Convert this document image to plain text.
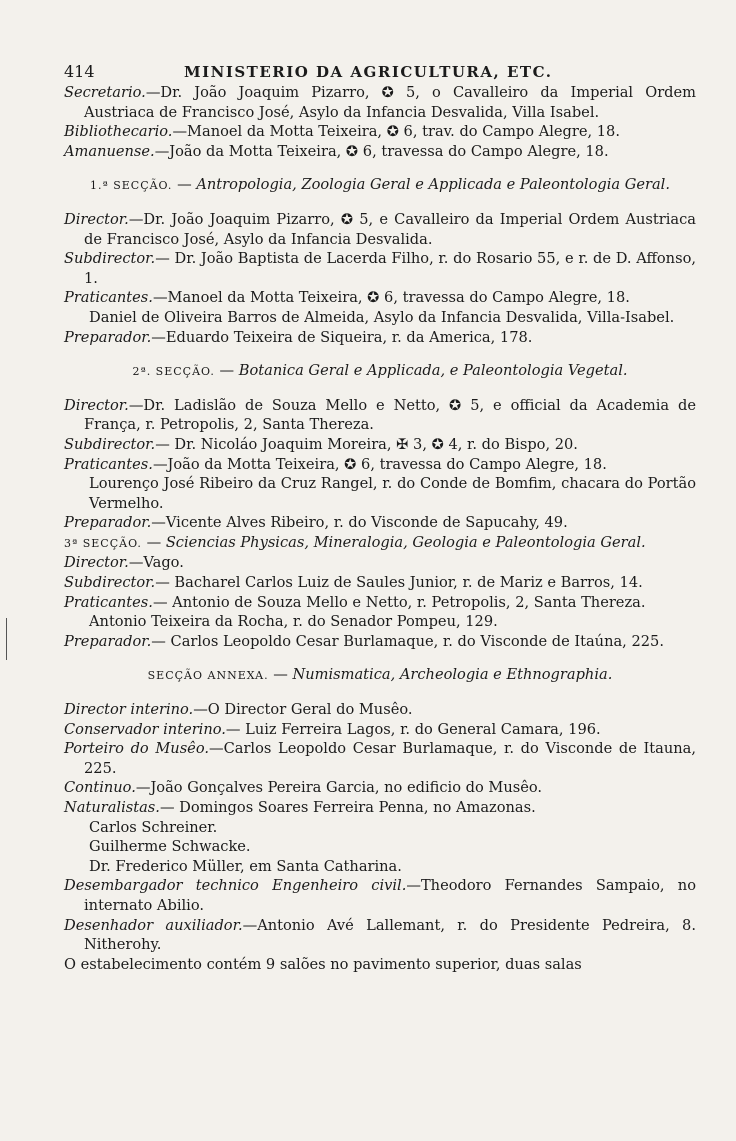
414	MINISTERIO DA AGRICULTURA, ETC.

Secretario.—Dr. João Joaquim Pizarro, ✪ 5, o Cavalleiro da Imperial Ordem Austriaca de Francisco José, Asylo da Infancia Desvalida, Villa Isabel.

Bibliothecario.—Manoel da Motta Teixeira, ✪ 6, trav. do Campo Alegre, 18.

Amanuense.—João da Motta Teixeira, ✪ 6, travessa do Campo Alegre, 18.

1.ª SECÇÃO. — Antropologia, Zoologia Geral e Applicada e Paleontologia Geral.

Director.—Dr. João Joaquim Pizarro, ✪ 5, e Cavalleiro da Imperial Ordem Austriaca de Francisco José, Asylo da Infancia Desvalida.

Subdirector.— Dr. João Baptista de Lacerda Filho, r. do Rosario 55, e r. de D. Affonso, 1.

Praticantes.—Manoel da Motta Teixeira, ✪ 6, travessa do Campo Alegre, 18.

Daniel de Oliveira Barros de Almeida, Asylo da Infancia Desvalida, Villa-Isabel.

Preparador.—Eduardo Teixeira de Siqueira, r. da America, 178.

2ª. SECÇÃO. — Botanica Geral e Applicada, e Paleontologia Vegetal.

Director.—Dr. Ladislão de Souza Mello e Netto, ✪ 5, e official da Academia de França, r. Petropolis, 2, Santa Thereza.

Subdirector.— Dr. Nicoláo Joaquim Moreira, ✠ 3, ✪ 4, r. do Bispo, 20.

Praticantes.—João da Motta Teixeira, ✪ 6, travessa do Campo Alegre, 18.

Lourenço José Ribeiro da Cruz Rangel, r. do Conde de Bomfim, chacara do Portão Vermelho.

Preparador.—Vicente Alves Ribeiro, r. do Visconde de Sapucahy, 49.

3ª SECÇÃO. — Sciencias Physicas, Mineralogia, Geologia e Paleontologia Geral.

Director.—Vago.

Subdirector.— Bacharel Carlos Luiz de Saules Junior, r. de Mariz e Barros, 14.

Praticantes.— Antonio de Souza Mello e Netto, r. Petropolis, 2, Santa Thereza.

Antonio Teixeira da Rocha, r. do Senador Pompeu, 129.

Preparador.— Carlos Leopoldo Cesar Burlamaque, r. do Visconde de Itaúna, 225.

SECÇÃO ANNEXA. — Numismatica, Archeologia e Ethnographia.

Director interino.—O Director Geral do Musêo.

Conservador interino.— Luiz Ferreira Lagos, r. do General Camara, 196.

Porteiro do Musêo.—Carlos Leopoldo Cesar Burlamaque, r. do Visconde de Itauna, 225.

Continuo.—João Gonçalves Pereira Garcia, no edificio do Musêo.

Naturalistas.— Domingos Soares Ferreira Penna, no Amazonas.

Carlos Schreiner.

Guilherme Schwacke.

Dr. Frederico Müller, em Santa Catharina.

Desembargador technico Engenheiro civil.—Theodoro Fernandes Sampaio, no internato Abilio.

Desenhador auxiliador.—Antonio Avé Lallemant, r. do Presidente Pedreira, 8. Nitherohy.

O estabelecimento contém 9 salões no pavimento superior, duas salas
